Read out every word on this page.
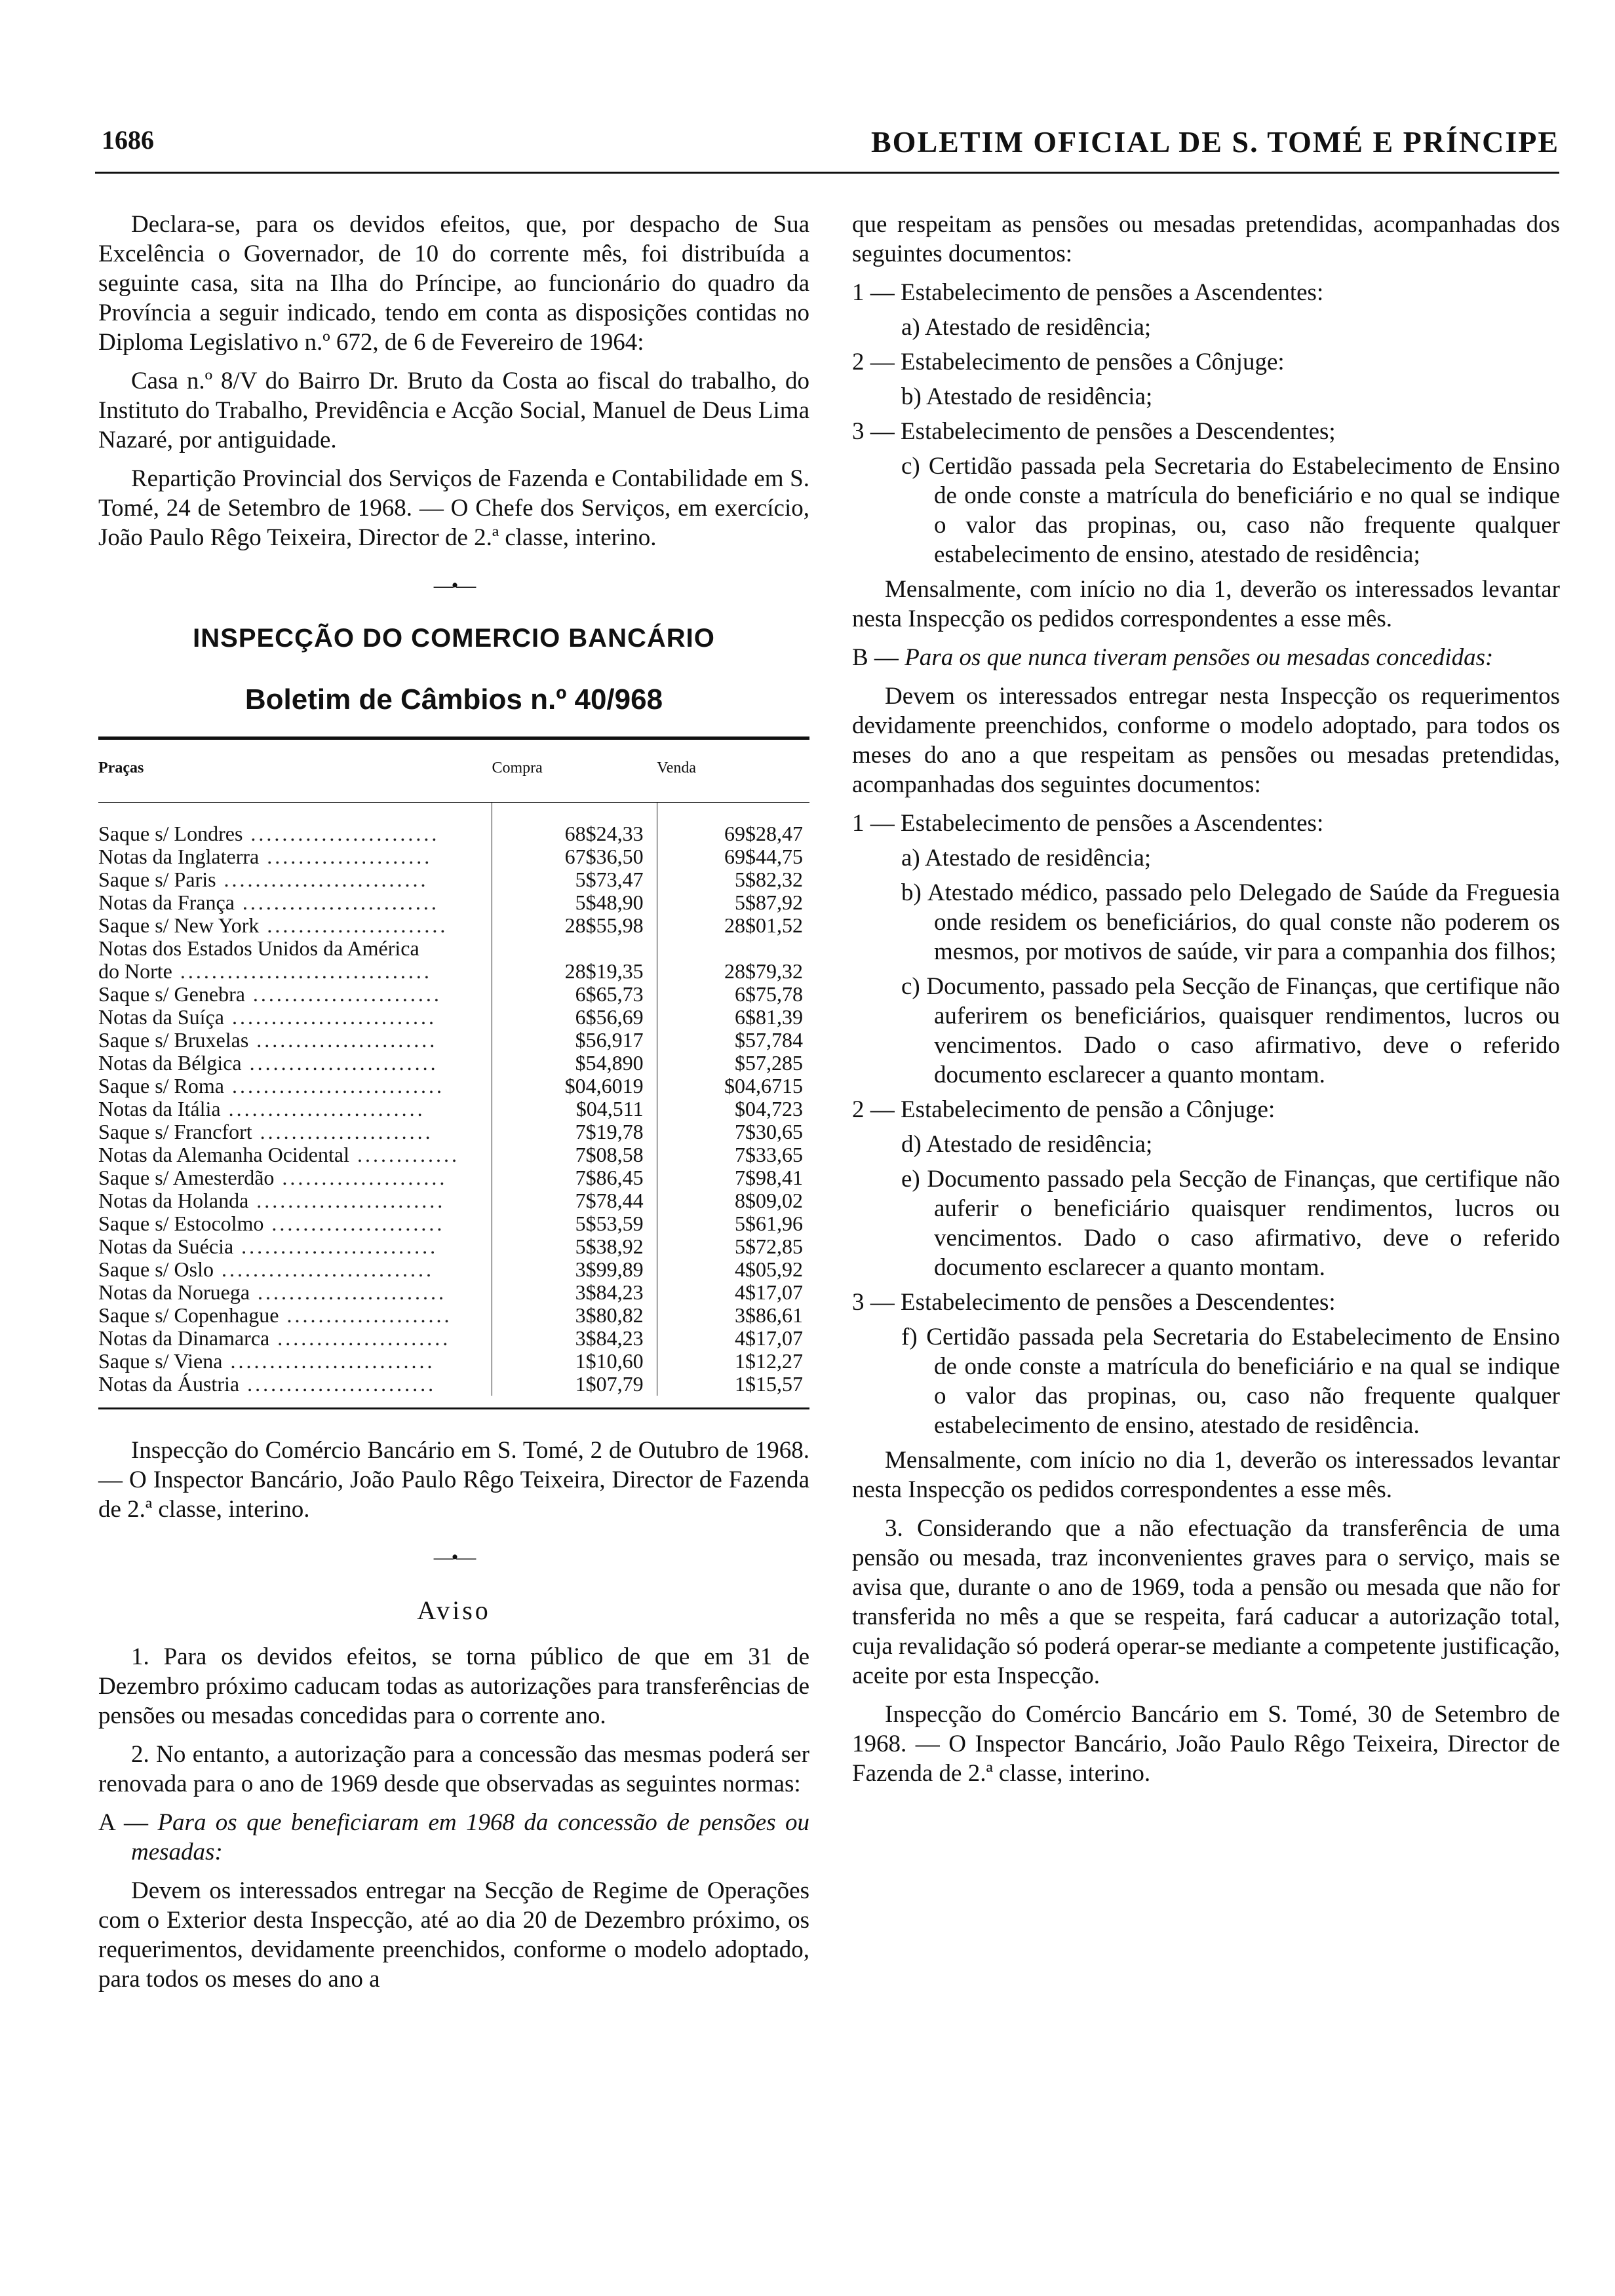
1686	BOLETIM OFICIAL DE S. TOMÉ E PRÍNCIPE

Declara-se, para os devidos efeitos, que, por despacho de Sua Excelência o Governador, de 10 do corrente mês, foi distribuída a seguinte casa, sita na Ilha do Príncipe, ao funcionário do quadro da Província a seguir indicado, tendo em conta as disposições contidas no Diploma Legislativo n.º 672, de 6 de Fevereiro de 1964:

Casa n.º 8/V do Bairro Dr. Bruto da Costa ao fiscal do trabalho, do Instituto do Trabalho, Previdência e Acção Social, Manuel de Deus Lima Nazaré, por antiguidade.

Repartição Provincial dos Serviços de Fazenda e Contabilidade em S. Tomé, 24 de Setembro de 1968. — O Chefe dos Serviços, em exercício, João Paulo Rêgo Teixeira, Director de 2.ª classe, interino.

—•—
INSPECÇÃO DO COMERCIO BANCÁRIO
Boletim de Câmbios n.º 40/968
Praças	Compra	Venda

Saque s/ Londres ........................	68$24,33	69$28,47
Notas da Inglaterra .....................	67$36,50	69$44,75
Saque s/ Paris ..........................	5$73,47	5$82,32
Notas da França .........................	5$48,90	5$87,92
Saque s/ New York .......................	28$55,98	28$01,52
Notas dos Estados Unidos da América		
do Norte ................................	28$19,35	28$79,32
Saque s/ Genebra ........................	6$65,73	6$75,78
Notas da Suíça ..........................	6$56,69	6$81,39
Saque s/ Bruxelas .......................	$56,917	$57,784
Notas da Bélgica ........................	$54,890	$57,285
Saque s/ Roma ...........................	$04,6019	$04,6715
Notas da Itália .........................	$04,511	$04,723
Saque s/ Francfort ......................	7$19,78	7$30,65
Notas da Alemanha Ocidental .............	7$08,58	7$33,65
Saque s/ Amesterdão .....................	7$86,45	7$98,41
Notas da Holanda ........................	7$78,44	8$09,02
Saque s/ Estocolmo ......................	5$53,59	5$61,96
Notas da Suécia .........................	5$38,92	5$72,85
Saque s/ Oslo ...........................	3$99,89	4$05,92
Notas da Noruega ........................	3$84,23	4$17,07
Saque s/ Copenhague .....................	3$80,82	3$86,61
Notas da Dinamarca ......................	3$84,23	4$17,07
Saque s/ Viena ..........................	1$10,60	1$12,27
Notas da Áustria ........................	1$07,79	1$15,57

Inspecção do Comércio Bancário em S. Tomé, 2 de Outubro de 1968. — O Inspector Bancário, João Paulo Rêgo Teixeira, Director de Fazenda de 2.ª classe, interino.

—•—
Aviso

1. Para os devidos efeitos, se torna público de que em 31 de Dezembro próximo caducam todas as autorizações para transferências de pensões ou mesadas concedidas para o corrente ano.

2. No entanto, a autorização para a concessão das mesmas poderá ser renovada para o ano de 1969 desde que observadas as seguintes normas:

A — Para os que beneficiaram em 1968 da concessão de pensões ou mesadas:

Devem os interessados entregar na Secção de Regime de Operações com o Exterior desta Inspecção, até ao dia 20 de Dezembro próximo, os requerimentos, devidamente preenchidos, conforme o modelo adoptado, para todos os meses do ano a

que respeitam as pensões ou mesadas pretendidas, acompanhadas dos seguintes documentos:

1 — Estabelecimento de pensões a Ascendentes:

a) Atestado de residência;

2 — Estabelecimento de pensões a Cônjuge:

b) Atestado de residência;

3 — Estabelecimento de pensões a Descendentes;

c) Certidão passada pela Secretaria do Estabelecimento de Ensino de onde conste a matrícula do beneficiário e no qual se indique o valor das propinas, ou, caso não frequente qualquer estabelecimento de ensino, atestado de residência;

Mensalmente, com início no dia 1, deverão os interessados levantar nesta Inspecção os pedidos correspondentes a esse mês.

B — Para os que nunca tiveram pensões ou mesadas concedidas:

Devem os interessados entregar nesta Inspecção os requerimentos devidamente preenchidos, conforme o modelo adoptado, para todos os meses do ano a que respeitam as pensões ou mesadas pretendidas, acompanhadas dos seguintes documentos:

1 — Estabelecimento de pensões a Ascendentes:

a) Atestado de residência;

b) Atestado médico, passado pelo Delegado de Saúde da Freguesia onde residem os beneficiários, do qual conste não poderem os mesmos, por motivos de saúde, vir para a companhia dos filhos;

c) Documento, passado pela Secção de Finanças, que certifique não auferirem os beneficiários, quaisquer rendimentos, lucros ou vencimentos. Dado o caso afirmativo, deve o referido documento esclarecer a quanto montam.

2 — Estabelecimento de pensão a Cônjuge:

d) Atestado de residência;

e) Documento passado pela Secção de Finanças, que certifique não auferir o beneficiário quaisquer rendimentos, lucros ou vencimentos. Dado o caso afirmativo, deve o referido documento esclarecer a quanto montam.

3 — Estabelecimento de pensões a Descendentes:

f) Certidão passada pela Secretaria do Estabelecimento de Ensino de onde conste a matrícula do beneficiário e na qual se indique o valor das propinas, ou, caso não frequente qualquer estabelecimento de ensino, atestado de residência.

Mensalmente, com início no dia 1, deverão os interessados levantar nesta Inspecção os pedidos correspondentes a esse mês.

3. Considerando que a não efectuação da transferência de uma pensão ou mesada, traz inconvenientes graves para o serviço, mais se avisa que, durante o ano de 1969, toda a pensão ou mesada que não for transferida no mês a que se respeita, fará caducar a autorização total, cuja revalidação só poderá operar-se mediante a competente justificação, aceite por esta Inspecção.

Inspecção do Comércio Bancário em S. Tomé, 30 de Setembro de 1968. — O Inspector Bancário, João Paulo Rêgo Teixeira, Director de Fazenda de 2.ª classe, interino.
